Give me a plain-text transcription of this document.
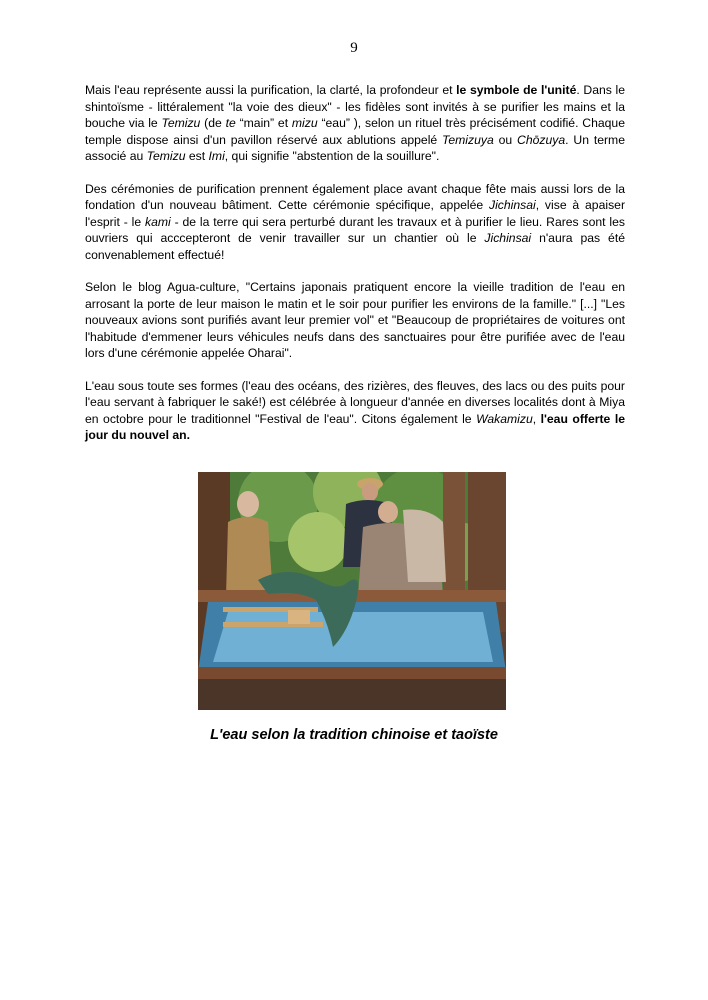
9

Mais l'eau représente aussi la purification, la clarté, la profondeur et le symbole de l'unité. Dans le shintoïsme - littéralement "la voie des dieux" - les fidèles sont invités à se purifier les mains et la bouche via le Temizu (de te “main” et mizu “eau” ), selon un rituel très précisément codifié. Chaque temple dispose ainsi d'un pavillon réservé aux ablutions appelé Temizuya ou Chōzuya. Un terme associé au Temizu est Imi, qui signifie "abstention de la souillure".

Des cérémonies de purification prennent également place avant chaque fête mais aussi lors de la fondation d'un nouveau bâtiment. Cette cérémonie spécifique, appelée Jichinsai, vise à apaiser l'esprit - le kami - de la terre qui sera perturbé durant les travaux et à purifier le lieu. Rares sont les ouvriers qui acccepteront de venir travailler sur un chantier où le Jichinsai n'aura pas été convenablement effectué!

Selon le blog Agua-culture, "Certains japonais pratiquent encore la vieille tradition de l'eau en arrosant la porte de leur maison le matin et le soir pour purifier les environs de la famille." [...] "Les nouveaux avions sont purifiés avant leur premier vol" et "Beaucoup de propriétaires de voitures ont l'habitude d'emmener leurs véhicules neufs dans des sanctuaires pour être purifiée avec de l'eau lors d'une cérémonie appelée Oharai".

L'eau sous toute ses formes (l'eau des océans, des rizières, des fleuves, des lacs ou des puits pour l'eau servant à fabriquer le saké!) est célébrée à longueur d'année en diverses localités dont à Miya en octobre pour le traditionnel "Festival de l'eau". Citons également le Wakamizu, l'eau offerte le jour du nouvel an.

L'eau selon la tradition chinoise et taoïste
